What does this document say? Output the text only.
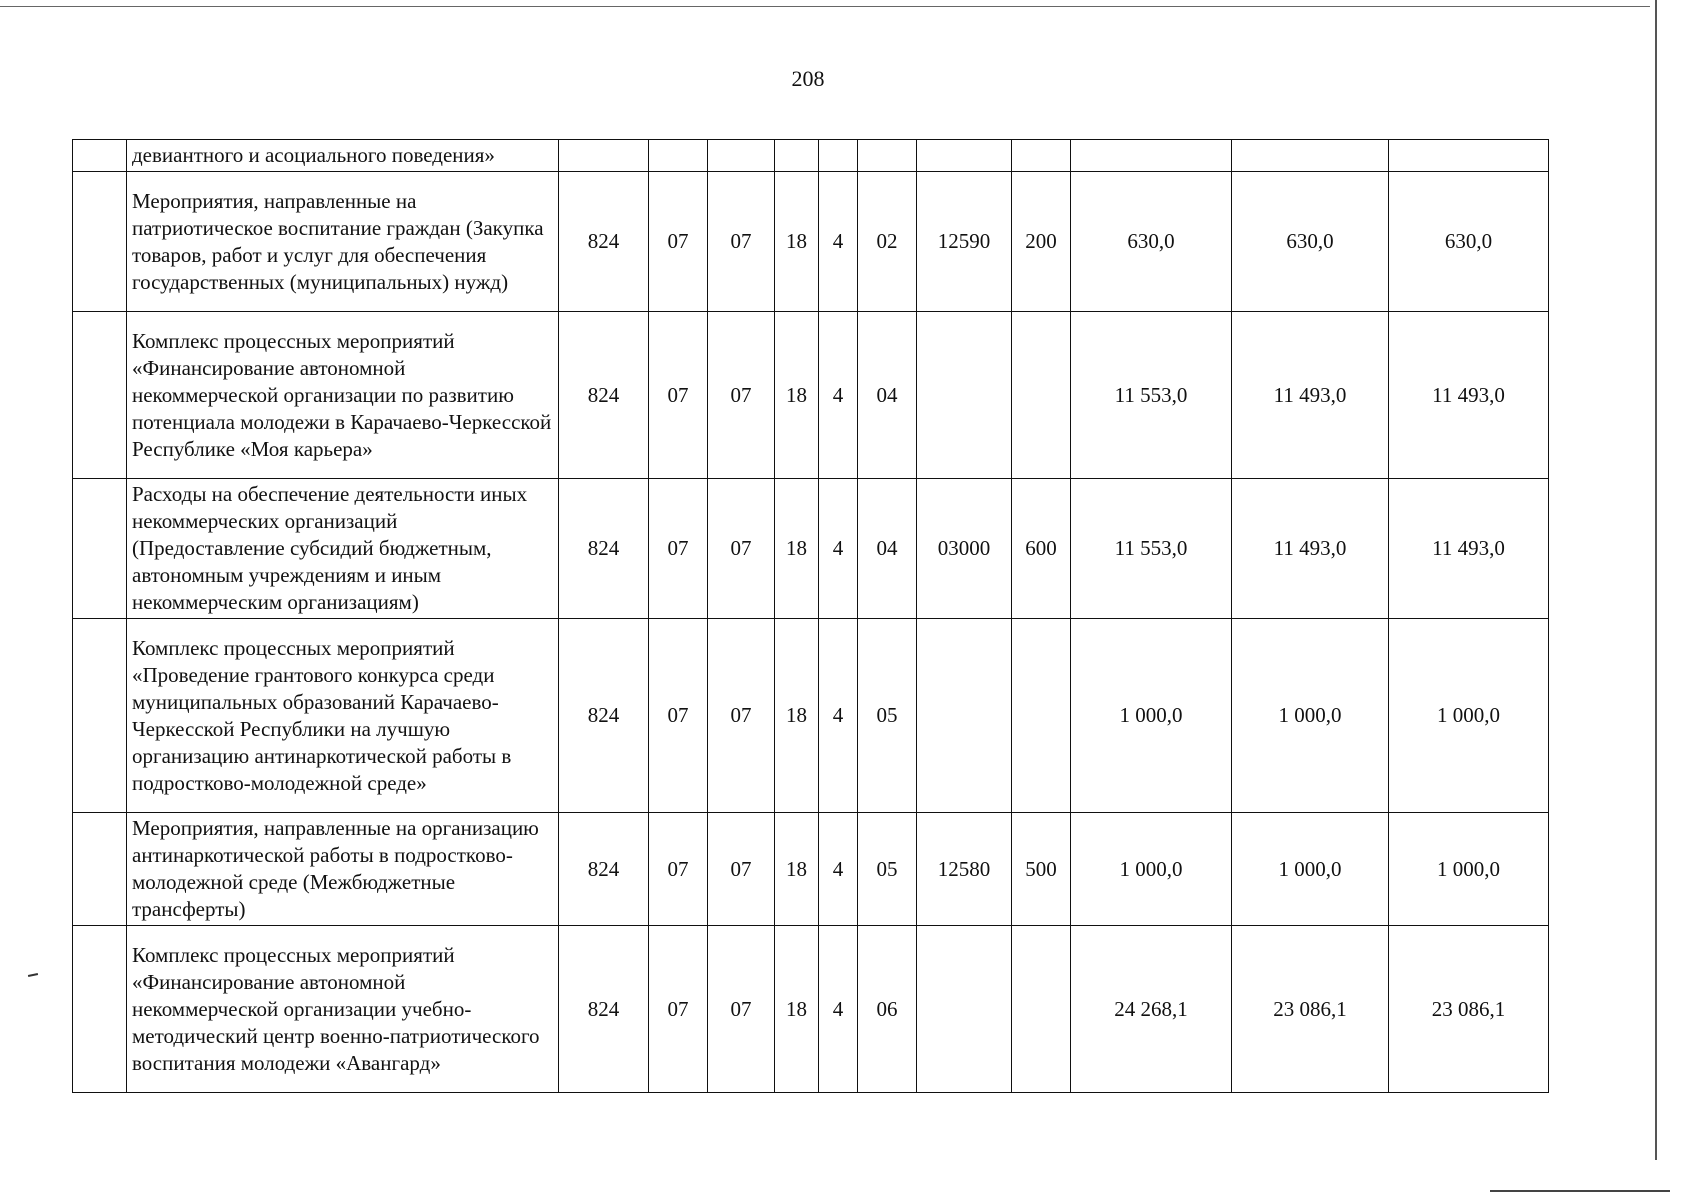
208
	девиантного и асоциального поведения»											
	Мероприятия, направленные на патриотическое воспитание граждан (Закупка товаров, работ и услуг для обеспечения государственных (муниципальных) нужд)	824	07	07	18	4	02	12590	200	630,0	630,0	630,0
	Комплекс процессных мероприятий «Финансирование автономной некоммерческой организации по развитию потенциала молодежи в Карачаево-Черкесской Республике «Моя карьера»	824	07	07	18	4	04			11 553,0	11 493,0	11 493,0
	Расходы на обеспечение деятельности иных некоммерческих организаций (Предоставление субсидий бюджетным, автономным учреждениям и иным некоммерческим организациям)	824	07	07	18	4	04	03000	600	11 553,0	11 493,0	11 493,0
	Комплекс процессных мероприятий «Проведение грантового конкурса среди муниципальных образований Карачаево-Черкесской Республики на лучшую организацию антинаркотической работы в подростково-молодежной среде»	824	07	07	18	4	05			1 000,0	1 000,0	1 000,0
	Мероприятия, направленные на организацию антинаркотической работы в подростково-молодежной среде (Межбюджетные трансферты)	824	07	07	18	4	05	12580	500	1 000,0	1 000,0	1 000,0
	Комплекс процессных мероприятий «Финансирование автономной некоммерческой организации учебно-методический центр военно-патриотического воспитания молодежи «Авангард»	824	07	07	18	4	06			24 268,1	23 086,1	23 086,1
